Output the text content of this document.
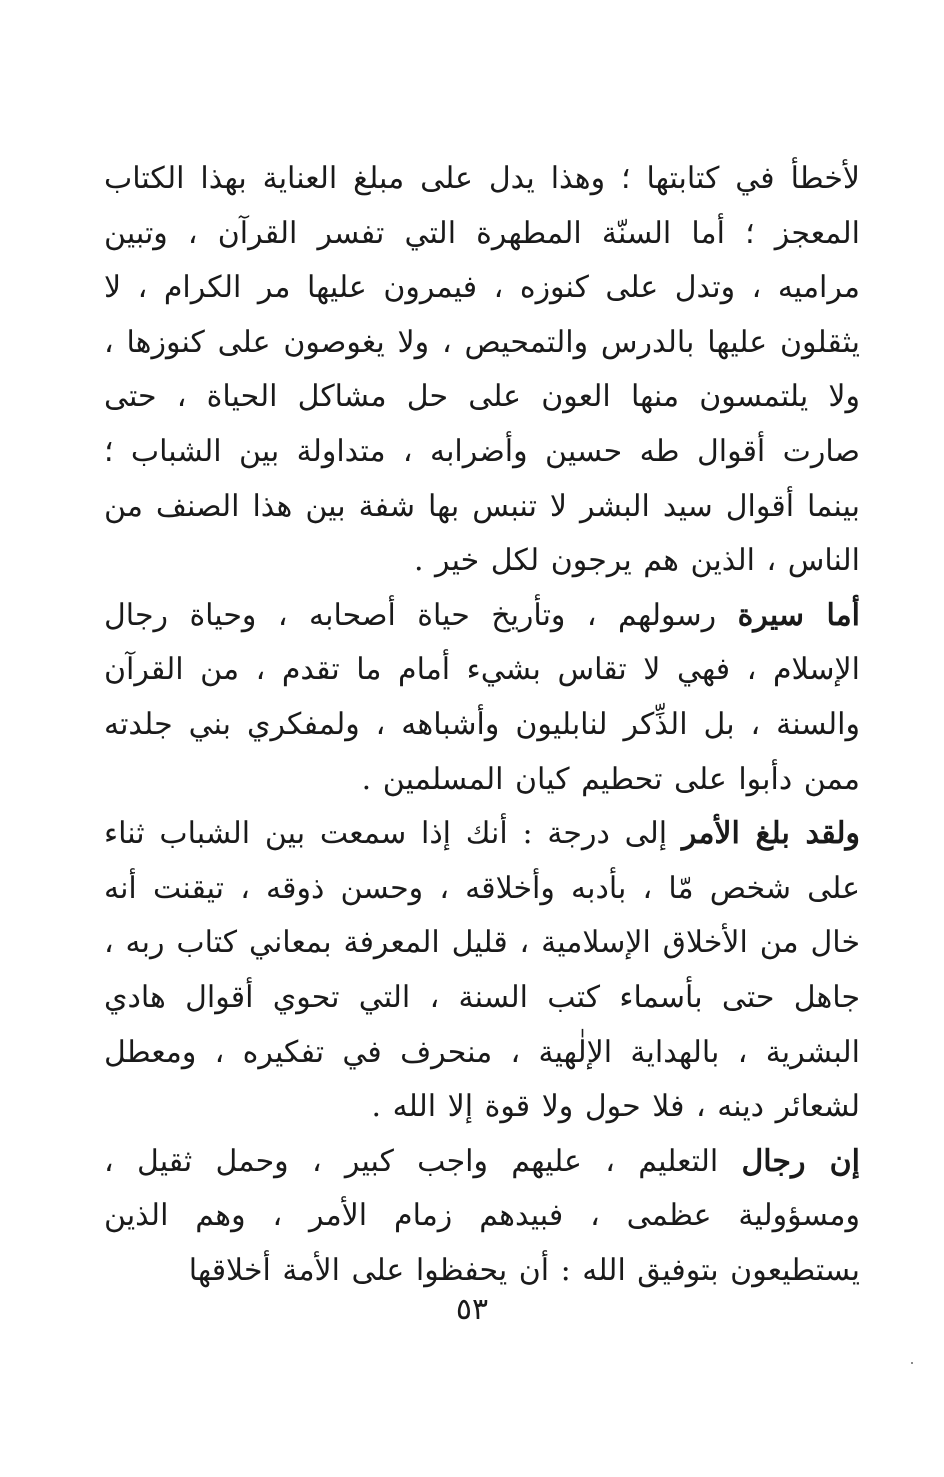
لأخطأ في كتابتها ؛ وهذا يدل على مبلغ العناية بهذا الكتاب المعجز ؛ أما السنّة المطهرة التي تفسر القرآن ، وتبين مراميه ، وتدل على كنوزه ، فيمرون عليها مر الكرام ، لا يثقلون عليها بالدرس والتمحيص ، ولا يغوصون على كنوزها ، ولا يلتمسون منها العون على حل مشاكل الحياة ، حتى صارت أقوال طه حسين وأضرابه ، متداولة بين الشباب ؛ بينما أقوال سيد البشر لا تنبس بها شفة بين هذا الصنف من الناس ، الذين هم يرجون لكل خير .

أما سيرة رسولهم ، وتأريخ حياة أصحابه ، وحياة رجال الإسلام ، فهي لا تقاس بشيء أمام ما تقدم ، من القرآن والسنة ، بل الذِّكر لنابليون وأشباهه ، ولمفكري بني جلدته ممن دأبوا على تحطيم كيان المسلمين .

ولقد بلغ الأمر إلى درجة : أنك إذا سمعت بين الشباب ثناء على شخص مّا ، بأدبه وأخلاقه ، وحسن ذوقه ، تيقنت أنه خال من الأخلاق الإسلامية ، قليل المعرفة بمعاني كتاب ربه ، جاهل حتى بأسماء كتب السنة ، التي تحوي أقوال هادي البشرية ، بالهداية الإلٰهية ، منحرف في تفكيره ، ومعطل لشعائر دينه ، فلا حول ولا قوة إلا الله .

إن رجال التعليم ، عليهم واجب كبير ، وحمل ثقيل ، ومسؤولية عظمى ، فبيدهم زمام الأمر ، وهم الذين يستطيعون بتوفيق الله : أن يحفظوا على الأمة أخلاقها

٥٣
